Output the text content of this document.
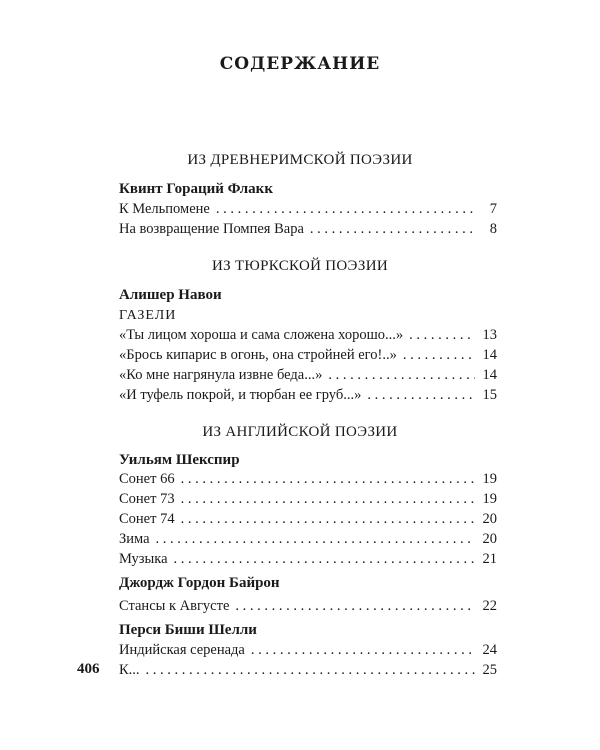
СОДЕРЖАНИЕ
ИЗ ДРЕВНЕРИМСКОЙ ПОЭЗИИ
Квинт Гораций Флакк
К Мельпомене . . .	7
На возвращение Помпея Вара . . .	8
ИЗ ТЮРКСКОЙ ПОЭЗИИ
Алишер Навои
ГАЗЕЛИ
«Ты лицом хороша и сама сложена хорошо...» . . .	13
«Брось кипарис в огонь, она стройней его!..» . . .	14
«Ко мне нагрянула извне беда...» . . .	14
«И туфель покрой, и тюрбан ее груб...» . . .	15
ИЗ АНГЛИЙСКОЙ ПОЭЗИИ
Уильям Шекспир
Сонет 66 . . .	19
Сонет 73 . . .	19
Сонет 74 . . .	20
Зима . . .	20
Музыка . . .	21
Джордж Гордон Байрон
Стансы к Августе . . .	22
Перси Биши Шелли
Индийская серенада . . .	24
К... . . .	25
406
